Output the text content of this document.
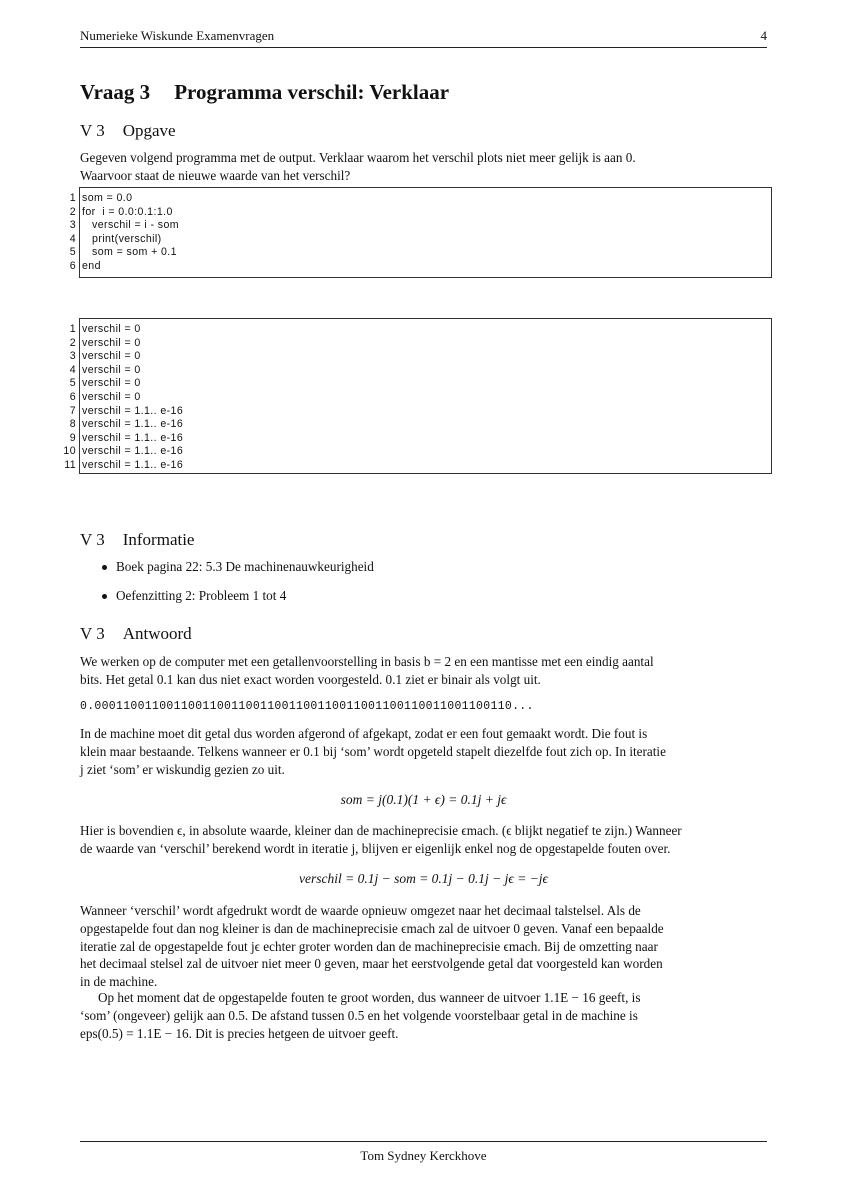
Numerieke Wiskunde Examenvragen	4
Vraag 3 Programma verschil: Verklaar
V 3 Opgave
Gegeven volgend programma met de output. Verklaar waarom het verschil plots niet meer gelijk is aan 0.
Waarvoor staat de nieuwe waarde van het verschil?
1 som = 0.0
2 for  i = 0.0:0.1:1.0
3 verschil = i - som
4 print(verschil)
5 som = som + 0.1
6 end
1 verschil = 0
2 verschil = 0
3 verschil = 0
4 verschil = 0
5 verschil = 0
6 verschil = 0
7 verschil = 1.1.. e-16
8 verschil = 1.1.. e-16
9 verschil = 1.1.. e-16
10 verschil = 1.1.. e-16
11 verschil = 1.1.. e-16
V 3 Informatie
Boek pagina 22: 5.3 De machinenauwkeurigheid
Oefenzitting 2: Probleem 1 tot 4
V 3 Antwoord
We werken op de computer met een getallenvoorstelling in basis b = 2 en een mantisse met een eindig aantal
bits. Het getal 0.1 kan dus niet exact worden voorgesteld. 0.1 ziet er binair als volgt uit.
0.0001100110011001100110011001100110011001100110011001100110...
In de machine moet dit getal dus worden afgerond of afgekapt, zodat er een fout gemaakt wordt. Die fout is
klein maar bestaande. Telkens wanneer er 0.1 bij ‘som’ wordt opgeteld stapelt diezelfde fout zich op. In iteratie
j ziet ‘som’ er wiskundig gezien zo uit.
som = j(0.1)(1 + ϵ) = 0.1j + jϵ
Hier is bovendien ϵ, in absolute waarde, kleiner dan de machineprecisie ϵmach. (ϵ blijkt negatief te zijn.) Wanneer
de waarde van ‘verschil’ berekend wordt in iteratie j, blijven er eigenlijk enkel nog de opgestapelde fouten over.
verschil = 0.1j − som = 0.1j − 0.1j − jϵ = −jϵ
Wanneer ‘verschil’ wordt afgedrukt wordt de waarde opnieuw omgezet naar het decimaal talstelsel. Als de
opgestapelde fout dan nog kleiner is dan de machineprecisie ϵmach zal de uitvoer 0 geven. Vanaf een bepaalde
iteratie zal de opgestapelde fout jϵ echter groter worden dan de machineprecisie ϵmach. Bij de omzetting naar
het decimaal stelsel zal de uitvoer niet meer 0 geven, maar het eerstvolgende getal dat voorgesteld kan worden
in de machine.
Op het moment dat de opgestapelde fouten te groot worden, dus wanneer de uitvoer 1.1E − 16 geeft, is
‘som’ (ongeveer) gelijk aan 0.5. De afstand tussen 0.5 en het volgende voorstelbaar getal in de machine is
eps(0.5) = 1.1E − 16. Dit is precies hetgeen de uitvoer geeft.
Tom Sydney Kerckhove
